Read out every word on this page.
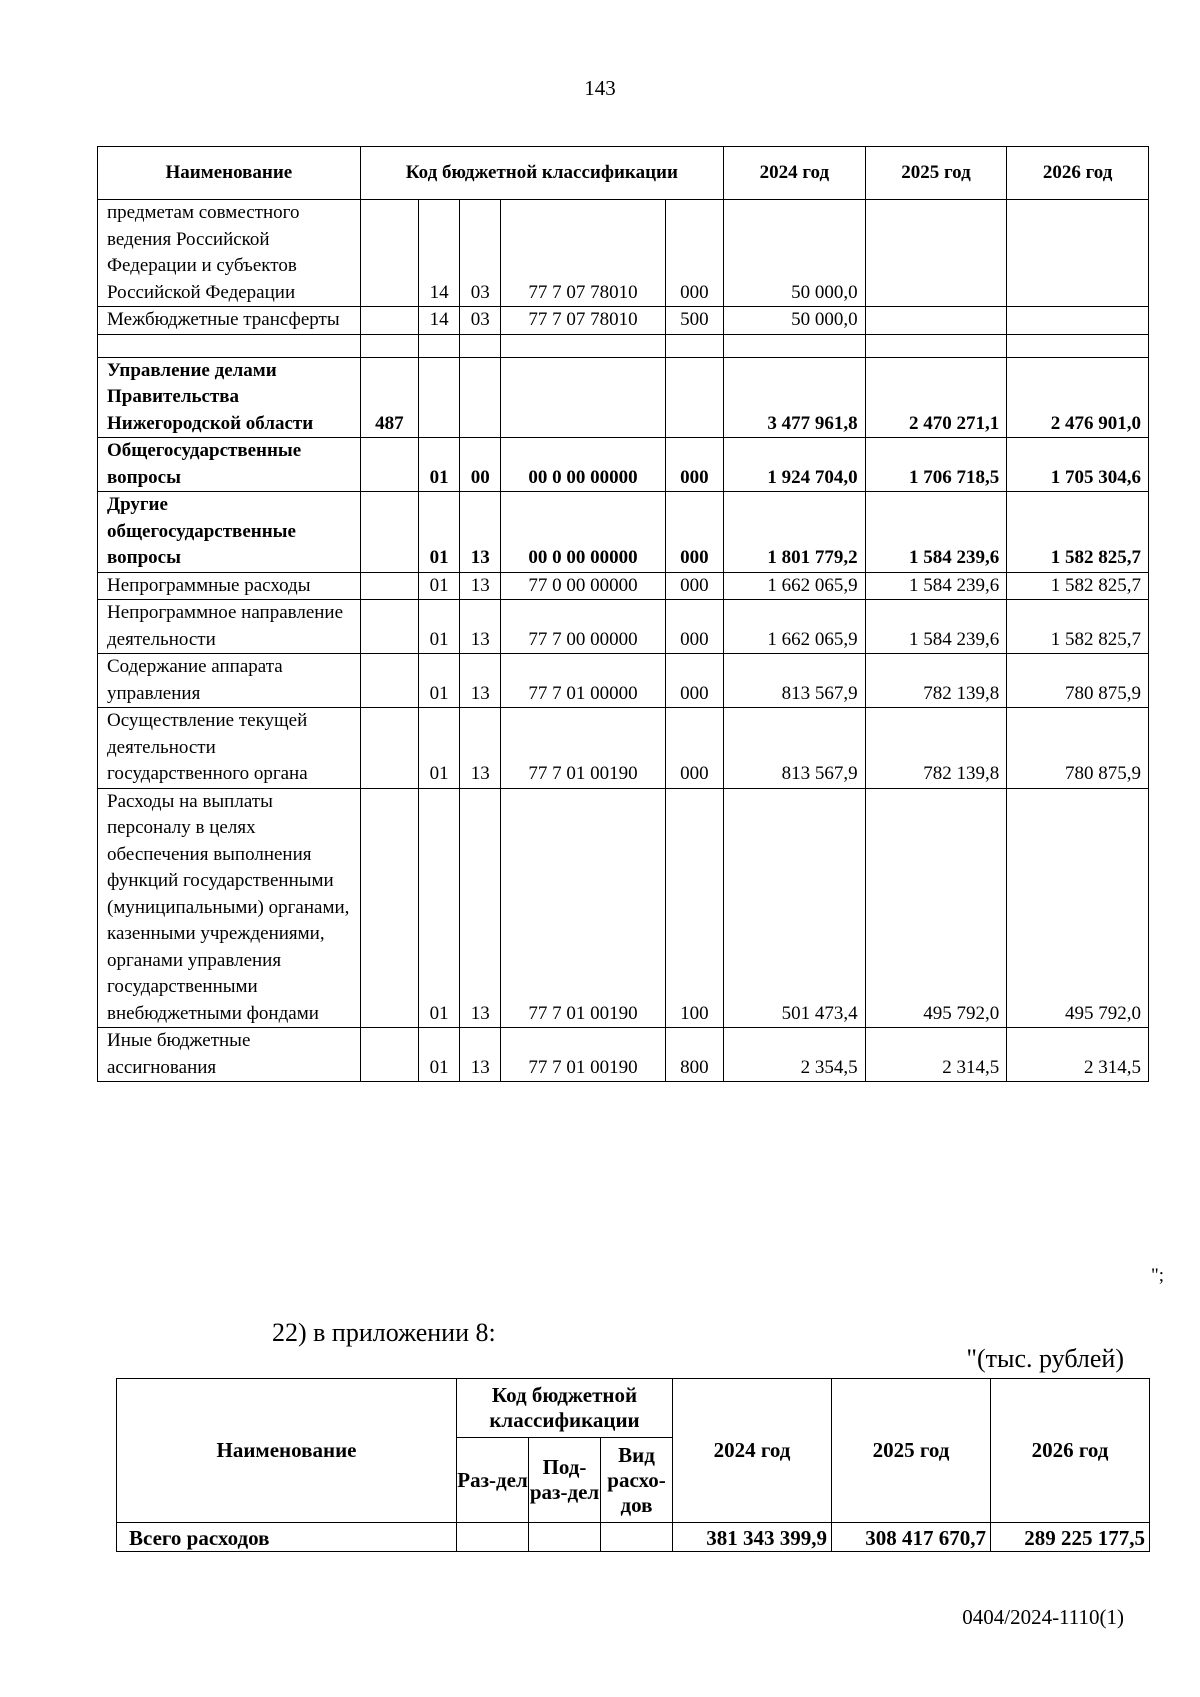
143
Наименование	Код бюджетной классификации					2024 год	2025 год	2026 год
предметам совместного ведения Российской Федерации и субъектов Российской Федерации		14	03	77 7 07 78010	000	50 000,0		
Межбюджетные трансферты		14	03	77 7 07 78010	500	50 000,0		

Управление делами Правительства Нижегородской области	487					3 477 961,8	2 470 271,1	2 476 901,0
Общегосударственные вопросы		01	00	00 0 00 00000	000	1 924 704,0	1 706 718,5	1 705 304,6
Другие общегосударственные вопросы		01	13	00 0 00 00000	000	1 801 779,2	1 584 239,6	1 582 825,7
Непрограммные расходы		01	13	77 0 00 00000	000	1 662 065,9	1 584 239,6	1 582 825,7
Непрограммное направление деятельности		01	13	77 7 00 00000	000	1 662 065,9	1 584 239,6	1 582 825,7
Содержание аппарата управления		01	13	77 7 01 00000	000	813 567,9	782 139,8	780 875,9
Осуществление текущей деятельности государственного органа		01	13	77 7 01 00190	000	813 567,9	782 139,8	780 875,9
Расходы на выплаты персоналу в целях обеспечения выполнения функций государственными (муниципальными) органами, казенными учреждениями, органами управления государственными внебюджетными фондами		01	13	77 7 01 00190	100	501 473,4	495 792,0	495 792,0
Иные бюджетные ассигнования		01	13	77 7 01 00190	800	2 354,5	2 314,5	2 314,5
";
22) в приложении 8:
"(тыс. рублей)
Наименование	Код бюджетной классификации			2024 год	2025 год	2026 год
	Раз-дел	Под-раз-дел	Вид расхо-дов			
Всего расходов				381 343 399,9	308 417 670,7	289 225 177,5
0404/2024-1110(1)
